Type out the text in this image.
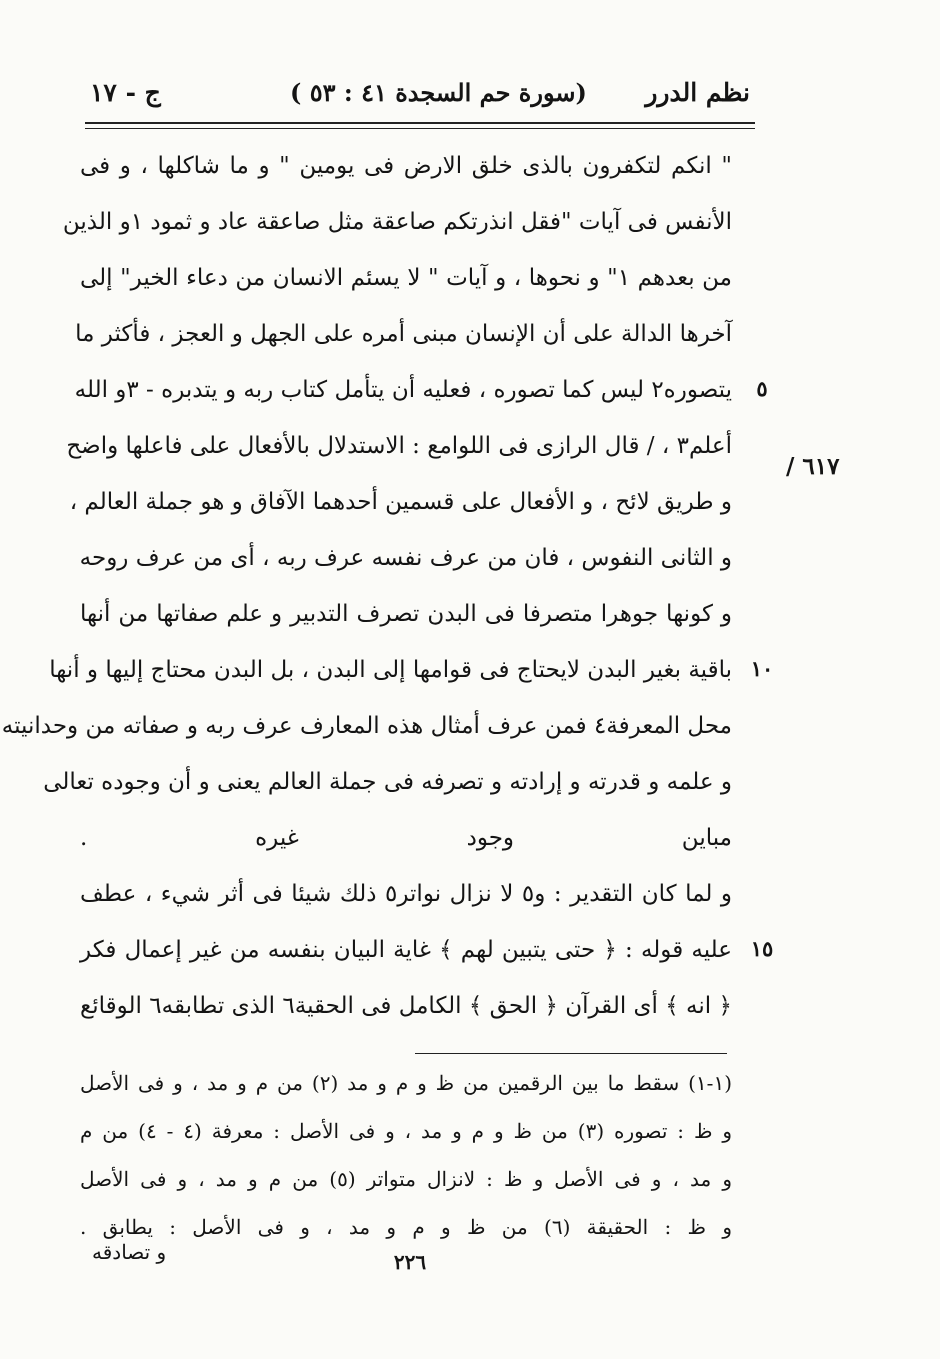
نظم الدرر
(سورة حم السجدة ٤١ : ٥٣ )
ج - ١٧
٦١٧ /
" انكم لتكفرون بالذى خلق الارض فى يومين " و ما شاكلها ، و فى
الأنفس فى آيات "فقل انذرتكم صاعقة مثل صاعقة عاد و ثمود ١و الذين
من بعدهم ١" و نحوها ، و آيات " لا يسئم الانسان من دعاء الخير" إلى
آخرها الدالة على أن الإنسان مبنى أمره على الجهل و العجز ، فأكثر ما
يتصوره٢ ليس كما تصوره ، فعليه أن يتأمل كتاب ربه و يتدبره - ٣و الله	٥
أعلم٣ ، / قال الرازى فى اللوامع : الاستدلال بالأفعال على فاعلها واضح
و طريق لائح ، و الأفعال على قسمين أحدهما الآفاق و هو جملة العالم ،
و الثانى النفوس ، فان من عرف نفسه عرف ربه ، أى من عرف روحه
و كونها جوهرا متصرفا فى البدن تصرف التدبير و علم صفاتها من أنها
باقية بغير البدن لايحتاج فى قوامها إلى البدن ، بل البدن محتاج إليها و أنها ١٠
محل المعرفة٤ فمن عرف أمثال هذه المعارف عرف ربه و صفاته من وحدانيته
و علمه و قدرته و إرادته و تصرفه فى جملة العالم يعنى و أن وجوده تعالى
مباين وجود غيره .
و لما كان التقدير : و٥ لا نزال نواتر٥ ذلك شيئا فى أثر شيء ، عطف
عليه قوله : ﴿ حتى يتبين لهم ﴾ غاية البيان بنفسه من غير إعمال فكر ١٥
﴿ انه ﴾ أى القرآن ﴿ الحق ﴾ الكامل فى الحقية٦ الذى تطابقه٦ الوقائع
(١-١) سقط ما بين الرقمين من ظ و م و مد (٢) من م و مد ، و فى الأصل
و ظ : تصوره (٣) من ظ و م و مد ، و فى الأصل : معرفة (٤ - ٤) من م
و مد ، و فى الأصل و ظ : لانزال متواتر (٥) من م و مد ، و فى الأصل
و ظ : الحقيقة (٦) من ظ و م و مد ، و فى الأصل : يطابق .
٢٢٦
و تصادقه
